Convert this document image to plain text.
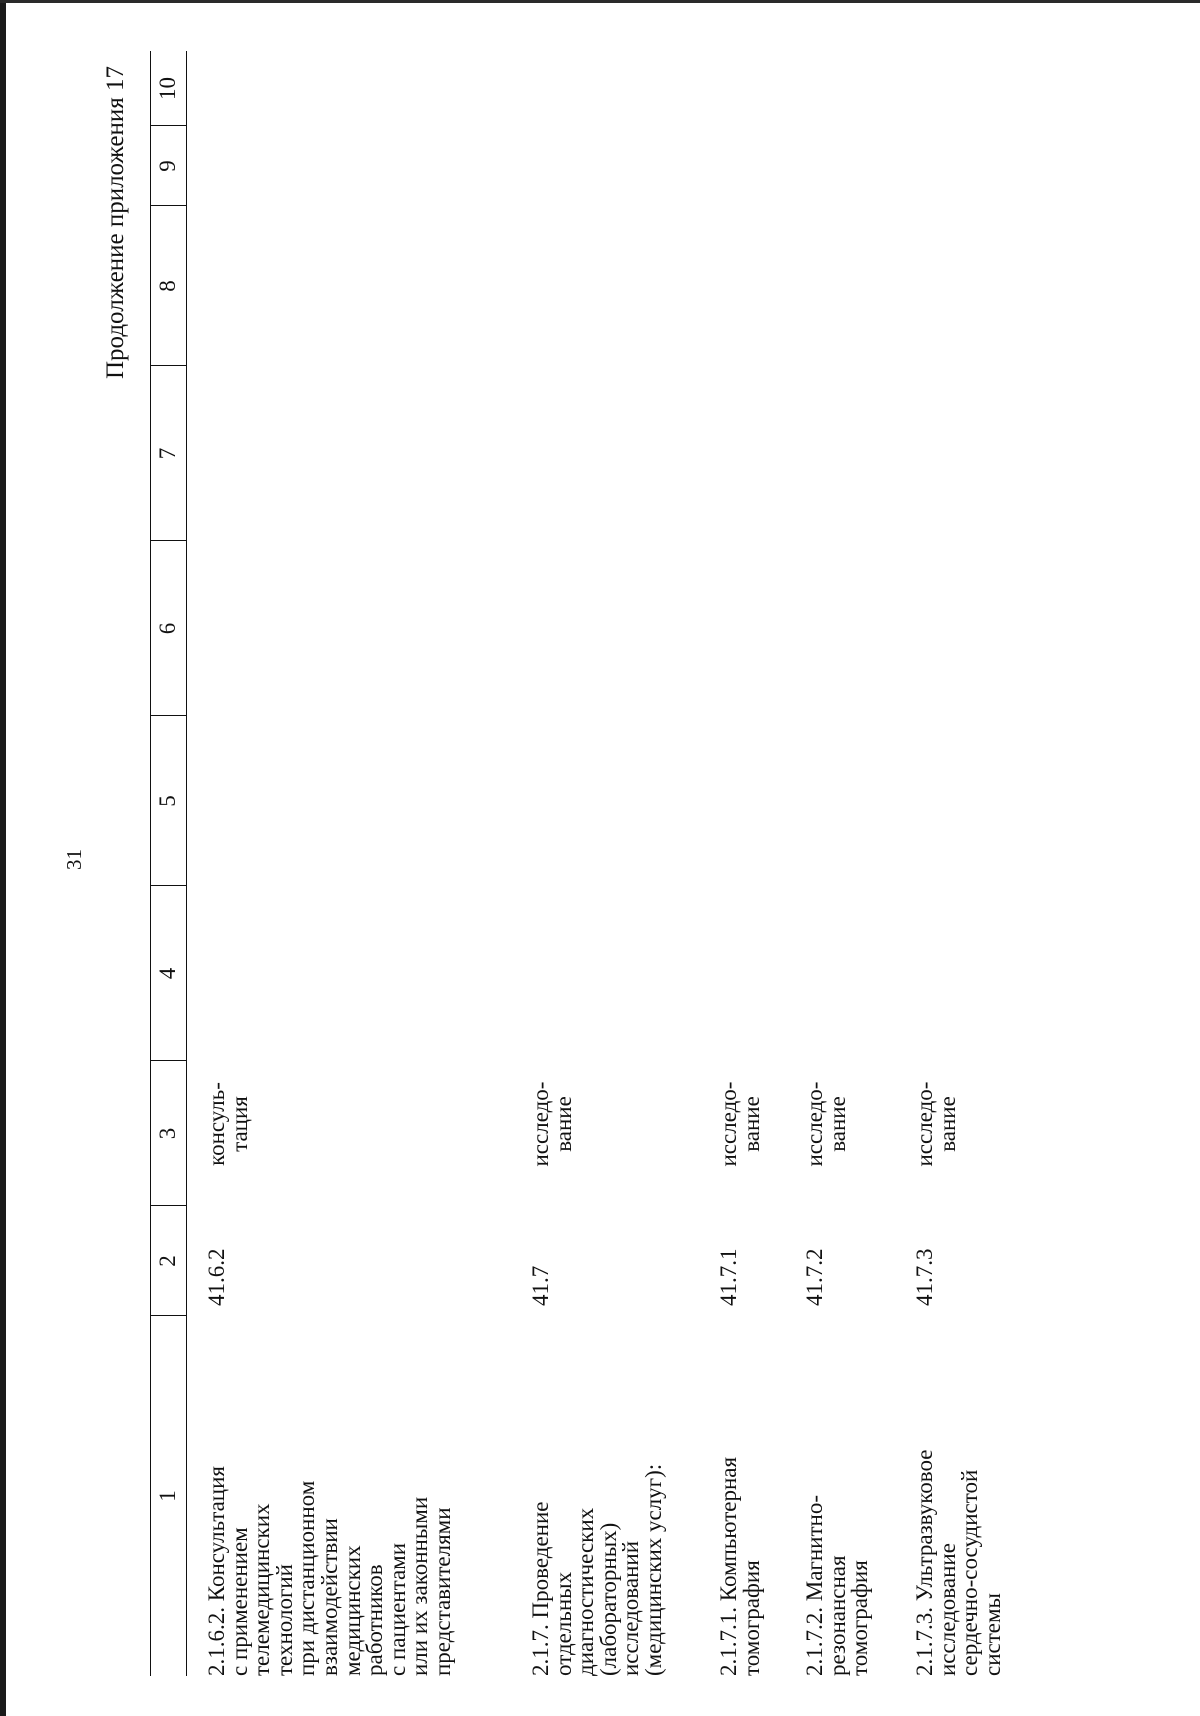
31
Продолжение приложения 17
1
2
3
4
5
6
7
8
9
10
2.1.6.2. Консультация
с применением
телемедицинских
технологий
при дистанционном
взаимодействии
медицинских
работников
с пациентами
или их законными
представителями
41.6.2
консуль-
тация
2.1.7. Проведение
отдельных
диагностических
(лабораторных)
исследований
(медицинских услуг):
41.7
исследо-
вание
2.1.7.1. Компьютерная
томография
41.7.1
исследо-
вание
2.1.7.2. Магнитно-
резонансная
томография
41.7.2
исследо-
вание
2.1.7.3. Ультразвуковое
исследование
сердечно-сосудистой
системы
41.7.3
исследо-
вание
